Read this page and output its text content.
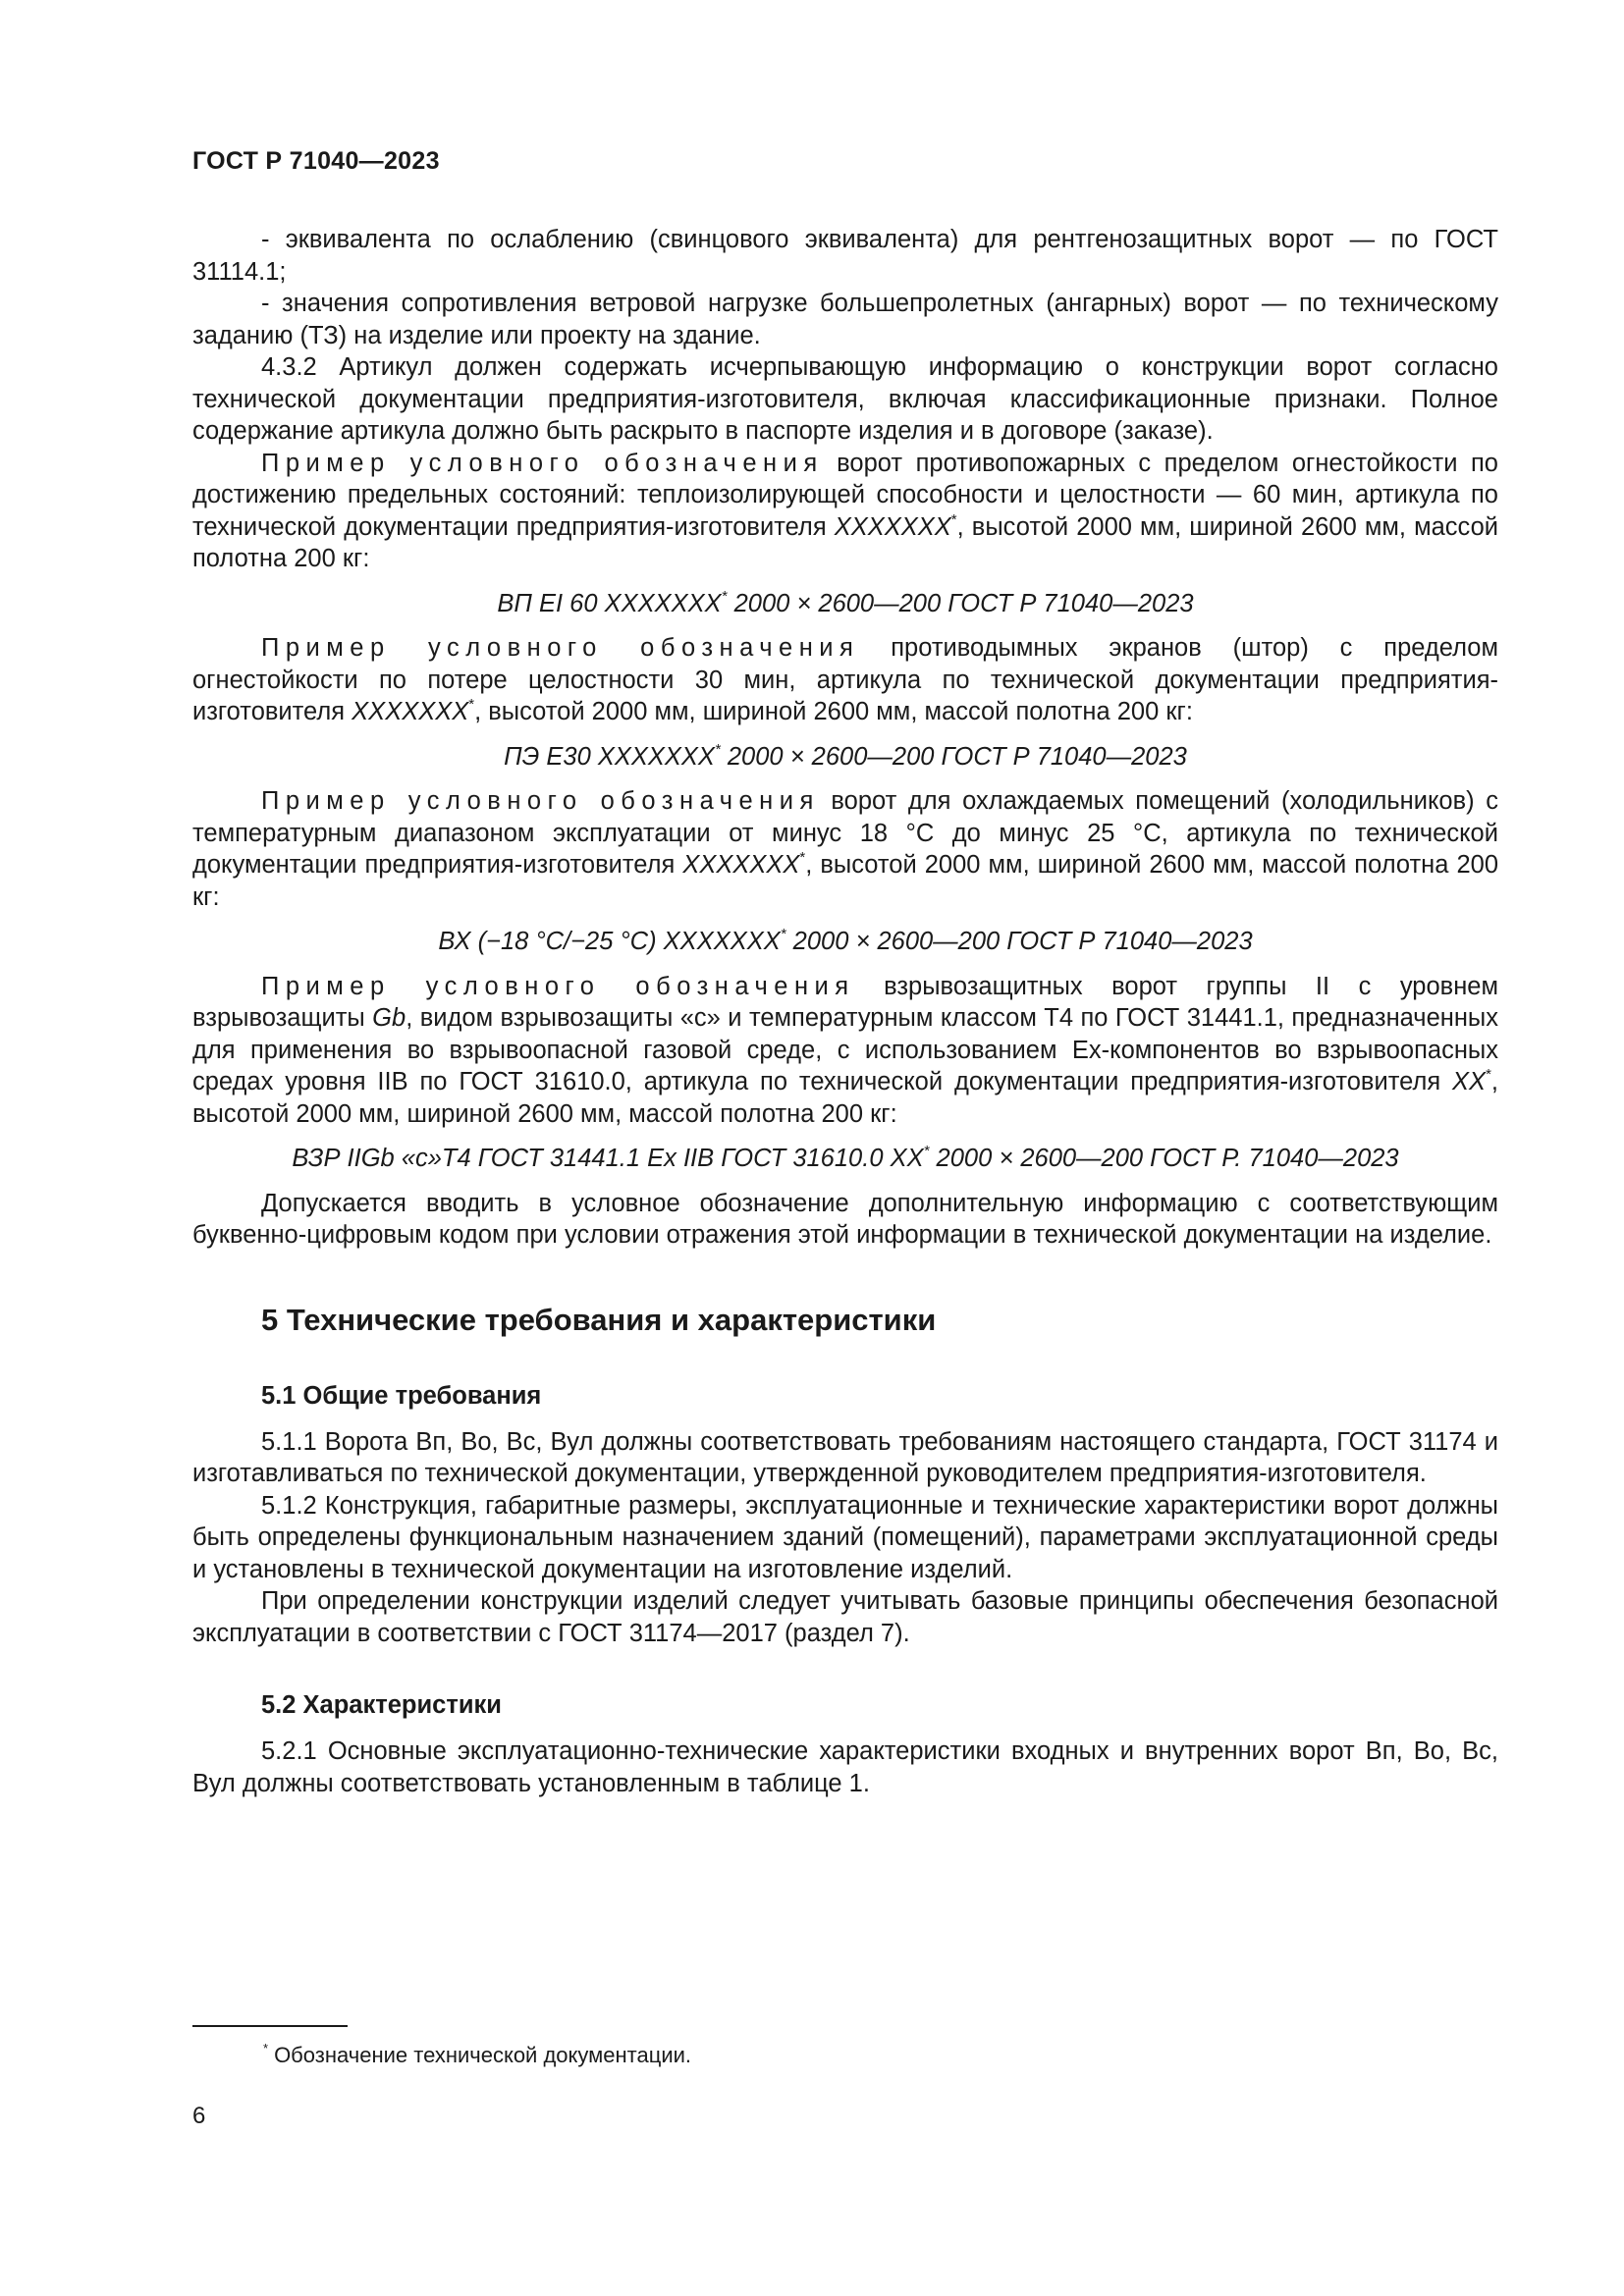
ГОСТ Р 71040—2023

- эквивалента по ослаблению (свинцового эквивалента) для рентгенозащитных ворот — по ГОСТ 31114.1;

- значения сопротивления ветровой нагрузке большепролетных (ангарных) ворот — по техническому заданию (ТЗ) на изделие или проекту на здание.

4.3.2 Артикул должен содержать исчерпывающую информацию о конструкции ворот согласно технической документации предприятия-изготовителя, включая классификационные признаки. Полное содержание артикула должно быть раскрыто в паспорте изделия и в договоре (заказе).

Пример условного обозначения ворот противопожарных с пределом огнестойкости по достижению предельных состояний: теплоизолирующей способности и целостности — 60 мин, артикула по технической документации предприятия-изготовителя ХХХХХХХ*, высотой 2000 мм, шириной 2600 мм, массой полотна 200 кг:

ВП EI 60 ХХХХХХХ* 2000 × 2600—200 ГОСТ Р 71040—2023

Пример условного обозначения противодымных экранов (штор) с пределом огнестойкости по потере целостности 30 мин, артикула по технической документации предприятия-изготовителя ХХХХХХХ*, высотой 2000 мм, шириной 2600 мм, массой полотна 200 кг:

ПЭ Е30 ХХХХХХХ* 2000 × 2600—200 ГОСТ Р 71040—2023

Пример условного обозначения ворот для охлаждаемых помещений (холодильников) с температурным диапазоном эксплуатации от минус 18 °С до минус 25 °С, артикула по технической документации предприятия-изготовителя ХХХХХХХ*, высотой 2000 мм, шириной 2600 мм, массой полотна 200 кг:

ВХ (−18 °С/−25 °С) ХХХХХХХ* 2000 × 2600—200 ГОСТ Р 71040—2023

Пример условного обозначения взрывозащитных ворот группы II с уровнем взрывозащиты Gb, видом взрывозащиты «с» и температурным классом Т4 по ГОСТ 31441.1, предназначенных для применения во взрывоопасной газовой среде, с использованием Ех-компонентов во взрывоопасных средах уровня IIB по ГОСТ 31610.0, артикула по технической документации предприятия-изготовителя ХХ*, высотой 2000 мм, шириной 2600 мм, массой полотна 200 кг:

ВЗР IIGb «с»Т4 ГОСТ 31441.1 Ex IIB ГОСТ 31610.0 ХХ* 2000 × 2600—200 ГОСТ Р. 71040—2023

Допускается вводить в условное обозначение дополнительную информацию с соответствующим буквенно-цифровым кодом при условии отражения этой информации в технической документации на изделие.

5 Технические требования и характеристики
5.1 Общие требования

5.1.1 Ворота Вп, Во, Вс, Вул должны соответствовать требованиям настоящего стандарта, ГОСТ 31174 и изготавливаться по технической документации, утвержденной руководителем предприятия-изготовителя.

5.1.2 Конструкция, габаритные размеры, эксплуатационные и технические характеристики ворот должны быть определены функциональным назначением зданий (помещений), параметрами эксплуатационной среды и установлены в технической документации на изготовление изделий.

При определении конструкции изделий следует учитывать базовые принципы обеспечения безопасной эксплуатации в соответствии с ГОСТ 31174—2017 (раздел 7).

5.2 Характеристики

5.2.1 Основные эксплуатационно-технические характеристики входных и внутренних ворот Вп, Во, Вс, Вул должны соответствовать установленным в таблице 1.

* Обозначение технической документации.
6
